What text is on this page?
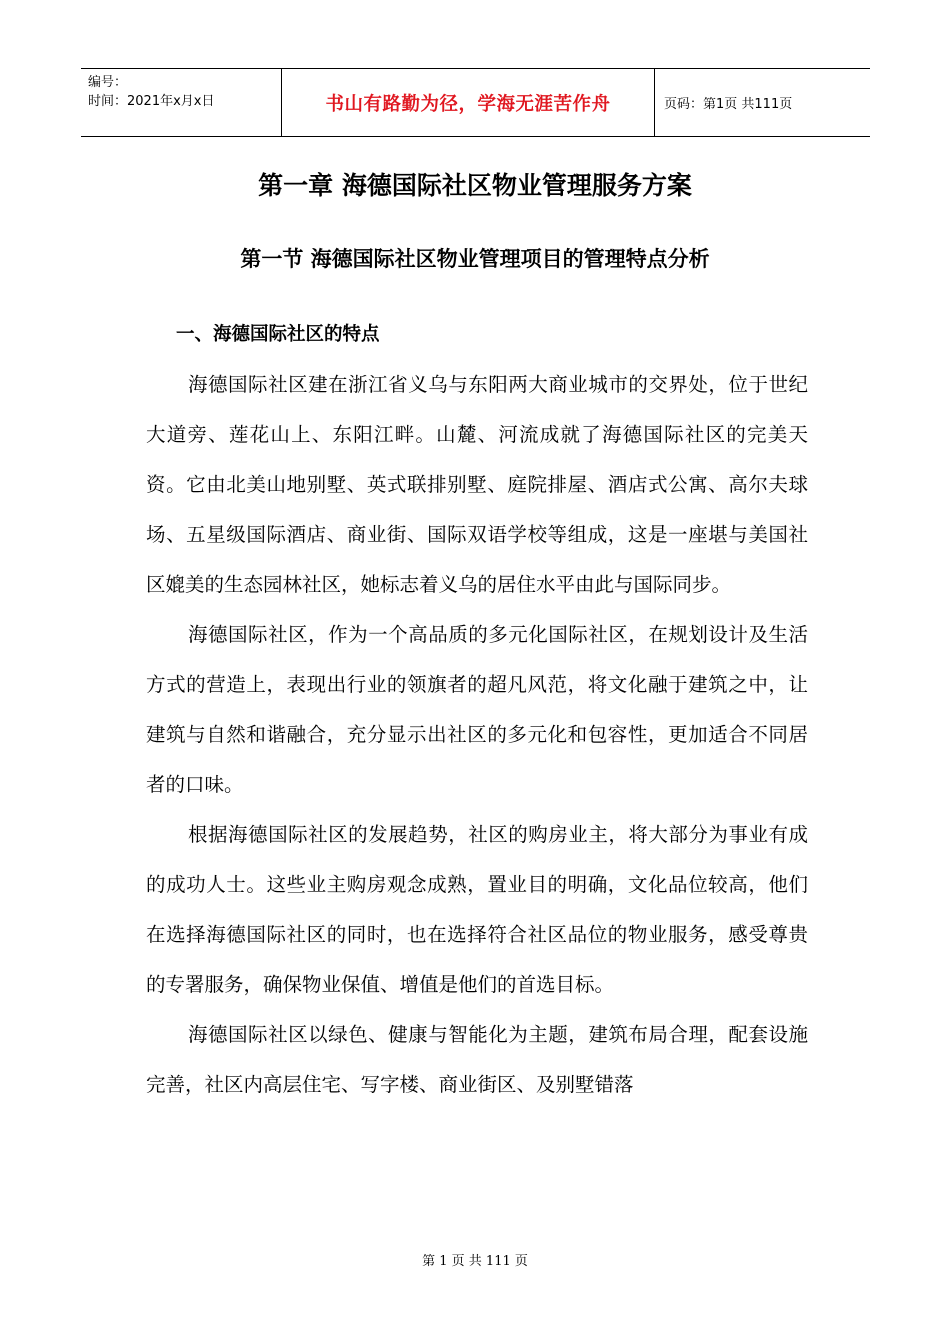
编号：
时间：2021年x月x日	书山有路勤为径，学海无涯苦作舟	页码：第1页 共111页
第一章 海德国际社区物业管理服务方案
第一节 海德国际社区物业管理项目的管理特点分析
一、海德国际社区的特点

海德国际社区建在浙江省义乌与东阳两大商业城市的交界处，位于世纪大道旁、莲花山上、东阳江畔。山麓、河流成就了海德国际社区的完美天资。它由北美山地别墅、英式联排别墅、庭院排屋、酒店式公寓、高尔夫球场、五星级国际酒店、商业街、国际双语学校等组成，这是一座堪与美国社区媲美的生态园林社区，她标志着义乌的居住水平由此与国际同步。

海德国际社区，作为一个高品质的多元化国际社区，在规划设计及生活方式的营造上，表现出行业的领旗者的超凡风范，将文化融于建筑之中，让建筑与自然和谐融合，充分显示出社区的多元化和包容性，更加适合不同居者的口味。

根据海德国际社区的发展趋势，社区的购房业主，将大部分为事业有成的成功人士。这些业主购房观念成熟，置业目的明确，文化品位较高，他们在选择海德国际社区的同时，也在选择符合社区品位的物业服务，感受尊贵的专署服务，确保物业保值、增值是他们的首选目标。

海德国际社区以绿色、健康与智能化为主题，建筑布局合理，配套设施完善，社区内高层住宅、写字楼、商业街区、及别墅错落

第 1 页 共 111 页
